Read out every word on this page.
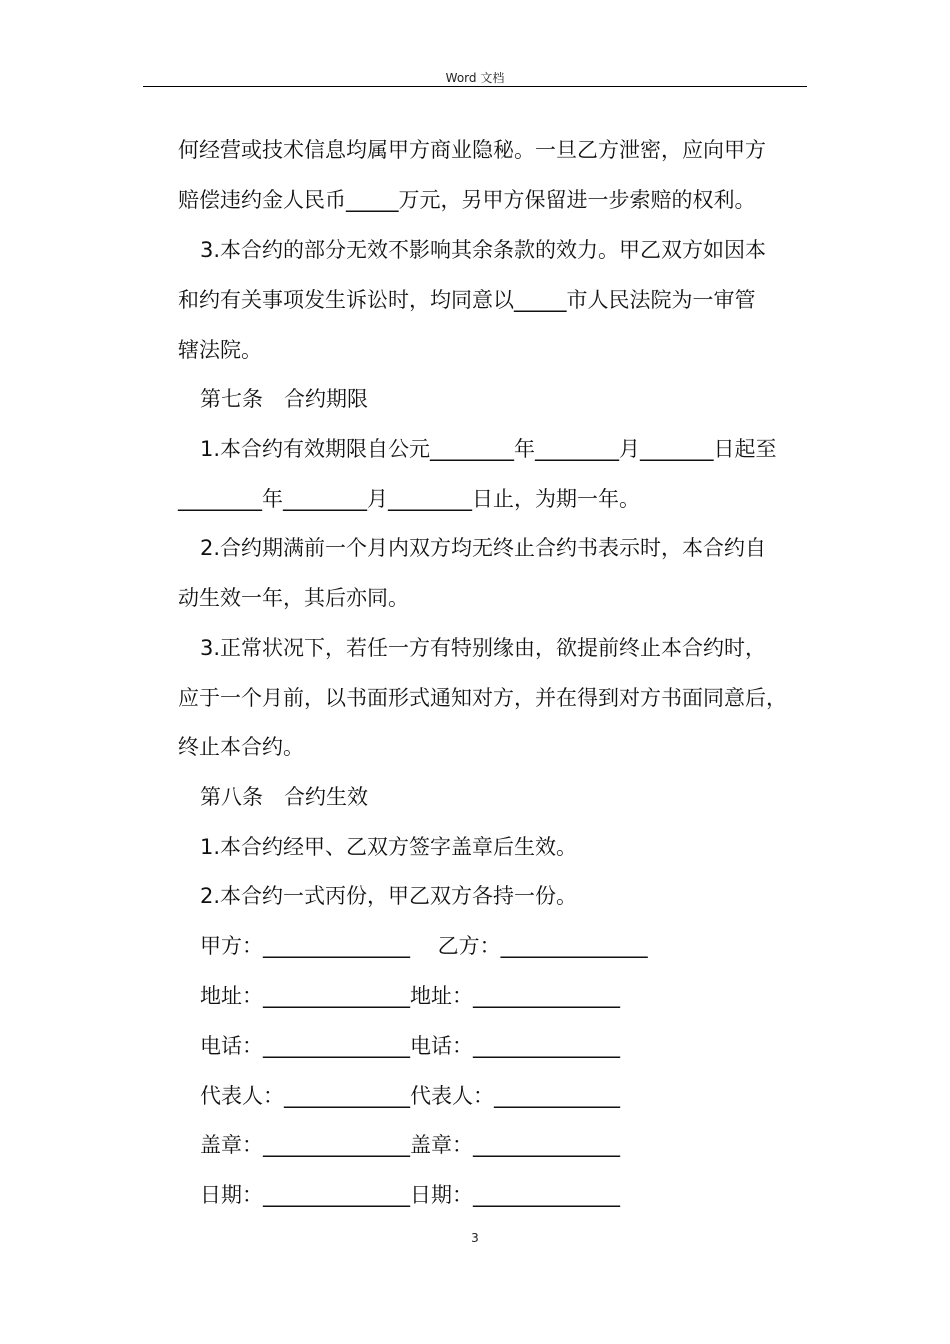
Word 文档
何经营或技术信息均属甲方商业隐秘。一旦乙方泄密，应向甲方
赔偿违约金人民币_____万元，另甲方保留进一步索赔的权利。
3.本合约的部分无效不影响其余条款的效力。甲乙双方如因本
和约有关事项发生诉讼时，均同意以_____市人民法院为一审管
辖法院。
第七条　合约期限
1.本合约有效期限自公元________年________月_______日起至
________年________月________日止，为期一年。
2.合约期满前一个月内双方均无终止合约书表示时，本合约自
动生效一年，其后亦同。
3.正常状况下，若任一方有特别缘由，欲提前终止本合约时，
应于一个月前，以书面形式通知对方，并在得到对方书面同意后，
终止本合约。
第八条　合约生效
1.本合约经甲、乙双方签字盖章后生效。
2.本合约一式丙份，甲乙双方各持一份。
甲方：______________　 乙方：______________
地址：______________地址：______________
电话：______________电话：______________
代表人：____________代表人：____________
盖章：______________盖章：______________
日期：______________日期：______________
3
